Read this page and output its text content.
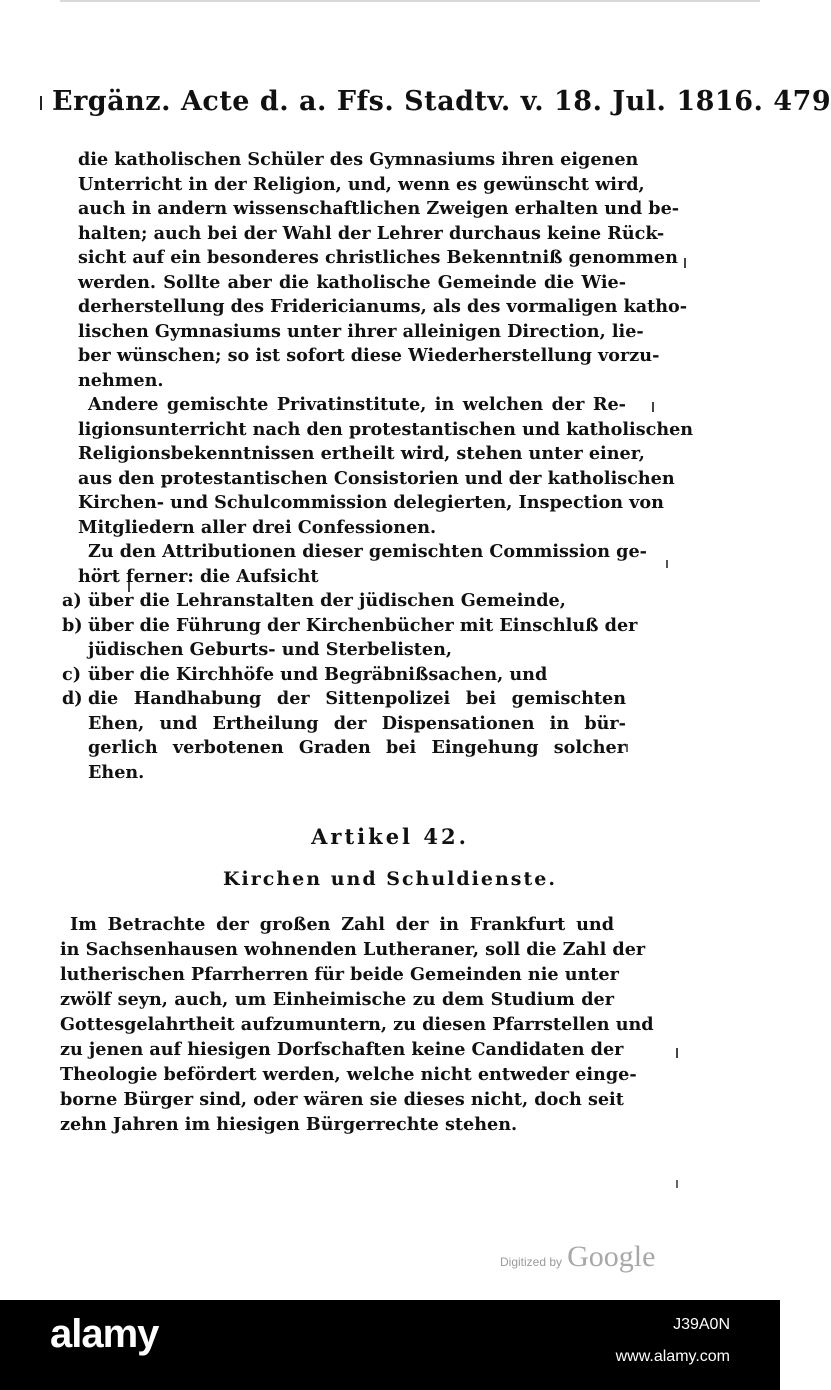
Ergänz. Acte d. a. Ffs. Stadtv. v. 18. Jul. 1816. 479
die katholischen Schüler des Gymnasiums ihren eigenen
Unterricht in der Religion, und, wenn es gewünscht wird,
auch in andern wissenschaftlichen Zweigen erhalten und be-
halten; auch bei der Wahl der Lehrer durchaus keine Rück-
sicht auf ein besonderes christliches Bekenntniß genommen
werden. Sollte aber die katholische Gemeinde die Wie-
derherstellung des Fridericianums, als des vormaligen katho-
lischen Gymnasiums unter ihrer alleinigen Direction, lie-
ber wünschen; so ist sofort diese Wiederherstellung vorzu-
nehmen.
Andere gemischte Privatinstitute, in welchen der Re-
ligionsunterricht nach den protestantischen und katholischen
Religionsbekenntnissen ertheilt wird, stehen unter einer,
aus den protestantischen Consistorien und der katholischen
Kirchen- und Schulcommission delegierten, Inspection von
Mitgliedern aller drei Confessionen.
Zu den Attributionen dieser gemischten Commission ge-
hört ferner: die Aufsicht
a) über die Lehranstalten der jüdischen Gemeinde,
b) über die Führung der Kirchenbücher mit Einschluß der
jüdischen Geburts- und Sterbelisten,
c) über die Kirchhöfe und Begräbnißsachen, und
d) die Handhabung der Sittenpolizei bei gemischten
Ehen, und Ertheilung der Dispensationen in bür-
gerlich verbotenen Graden bei Eingehung solcher
Ehen.
Artikel 42.
Kirchen und Schuldienste.
Im Betrachte der großen Zahl der in Frankfurt und
in Sachsenhausen wohnenden Lutheraner, soll die Zahl der
lutherischen Pfarrherren für beide Gemeinden nie unter
zwölf seyn, auch, um Einheimische zu dem Studium der
Gottesgelahrtheit aufzumuntern, zu diesen Pfarrstellen und
zu jenen auf hiesigen Dorfschaften keine Candidaten der
Theologie befördert werden, welche nicht entweder einge-
borne Bürger sind, oder wären sie dieses nicht, doch seit
zehn Jahren im hiesigen Bürgerrechte stehen.
Digitized by Google
alamy	J39A0N
www.alamy.com
